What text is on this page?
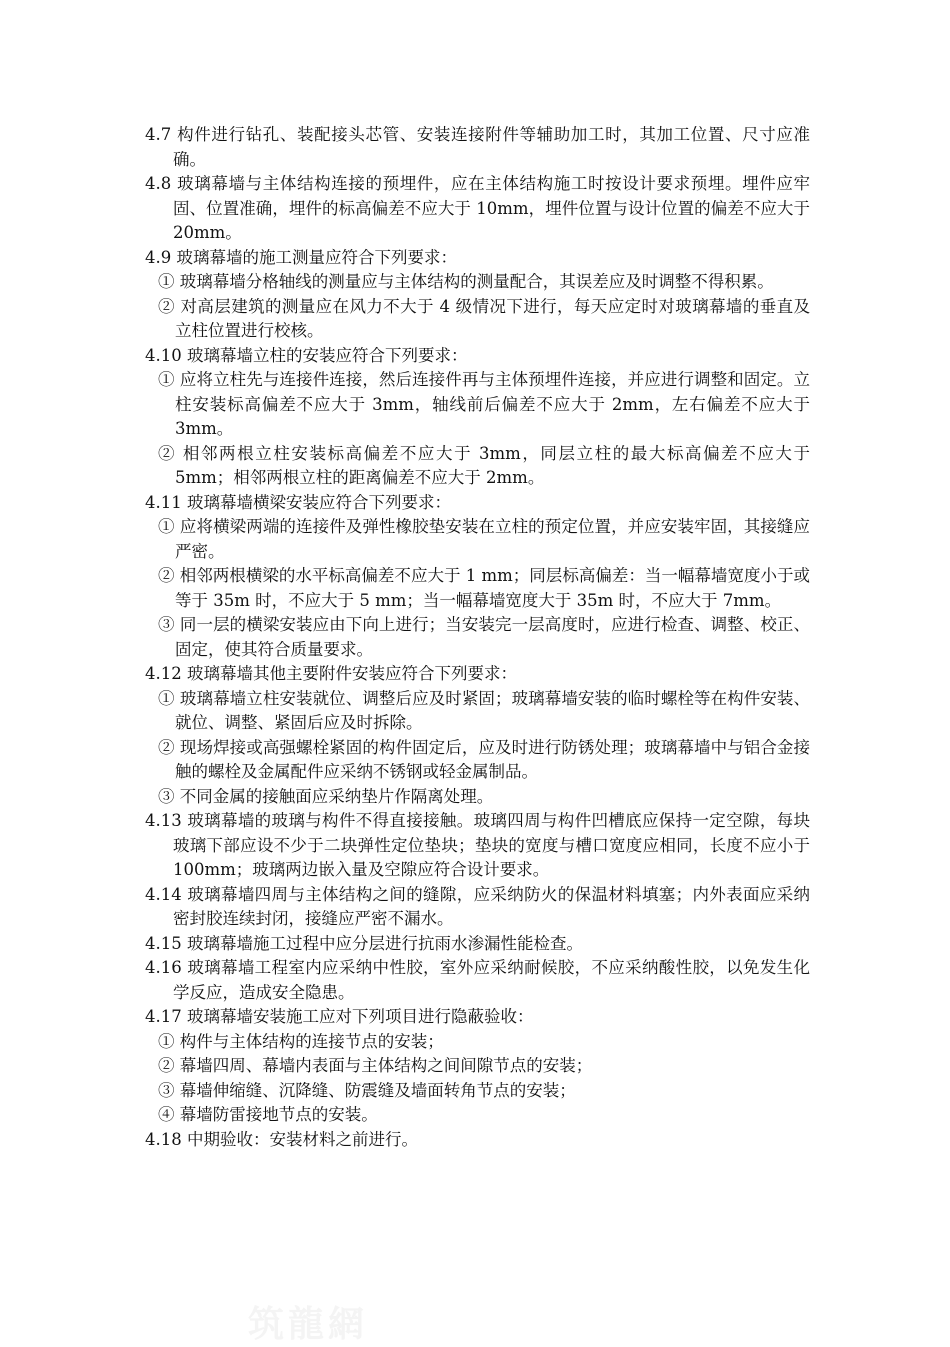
4.7 构件进行钻孔、装配接头芯管、安装连接附件等辅助加工时，其加工位置、尺寸应准确。

4.8 玻璃幕墙与主体结构连接的预埋件，应在主体结构施工时按设计要求预埋。埋件应牢固、位置准确，埋件的标高偏差不应大于 10mm，埋件位置与设计位置的偏差不应大于 20mm。

4.9 玻璃幕墙的施工测量应符合下列要求：

① 玻璃幕墙分格轴线的测量应与主体结构的测量配合，其误差应及时调整不得积累。

② 对高层建筑的测量应在风力不大于 4 级情况下进行，每天应定时对玻璃幕墙的垂直及立柱位置进行校核。

4.10 玻璃幕墙立柱的安装应符合下列要求：

① 应将立柱先与连接件连接，然后连接件再与主体预埋件连接，并应进行调整和固定。立柱安装标高偏差不应大于 3mm，轴线前后偏差不应大于 2mm，左右偏差不应大于 3mm。

② 相邻两根立柱安装标高偏差不应大于 3mm，同层立柱的最大标高偏差不应大于 5mm；相邻两根立柱的距离偏差不应大于 2mm。

4.11 玻璃幕墙横梁安装应符合下列要求：

① 应将横梁两端的连接件及弹性橡胶垫安装在立柱的预定位置，并应安装牢固，其接缝应严密。

② 相邻两根横梁的水平标高偏差不应大于 1 mm；同层标高偏差：当一幅幕墙宽度小于或等于 35m 时，不应大于 5 mm；当一幅幕墙宽度大于 35m 时，不应大于 7mm。

③ 同一层的横梁安装应由下向上进行；当安装完一层高度时，应进行检查、调整、校正、固定，使其符合质量要求。

4.12 玻璃幕墙其他主要附件安装应符合下列要求：

① 玻璃幕墙立柱安装就位、调整后应及时紧固；玻璃幕墙安装的临时螺栓等在构件安装、就位、调整、紧固后应及时拆除。

② 现场焊接或高强螺栓紧固的构件固定后，应及时进行防锈处理；玻璃幕墙中与铝合金接触的螺栓及金属配件应采纳不锈钢或轻金属制品。

③ 不同金属的接触面应采纳垫片作隔离处理。

4.13 玻璃幕墙的玻璃与构件不得直接接触。玻璃四周与构件凹槽底应保持一定空隙，每块玻璃下部应设不少于二块弹性定位垫块；垫块的宽度与槽口宽度应相同，长度不应小于 100mm；玻璃两边嵌入量及空隙应符合设计要求。

4.14 玻璃幕墙四周与主体结构之间的缝隙，应采纳防火的保温材料填塞；内外表面应采纳密封胶连续封闭，接缝应严密不漏水。

4.15 玻璃幕墙施工过程中应分层进行抗雨水渗漏性能检查。

4.16 玻璃幕墙工程室内应采纳中性胶，室外应采纳耐候胶，不应采纳酸性胶，以免发生化学反应，造成安全隐患。

4.17 玻璃幕墙安装施工应对下列项目进行隐蔽验收：

① 构件与主体结构的连接节点的安装；

② 幕墙四周、幕墙内表面与主体结构之间间隙节点的安装；

③ 幕墙伸缩缝、沉降缝、防震缝及墙面转角节点的安装；

④ 幕墙防雷接地节点的安装。

4.18 中期验收：安装材料之前进行。

筑龍網
